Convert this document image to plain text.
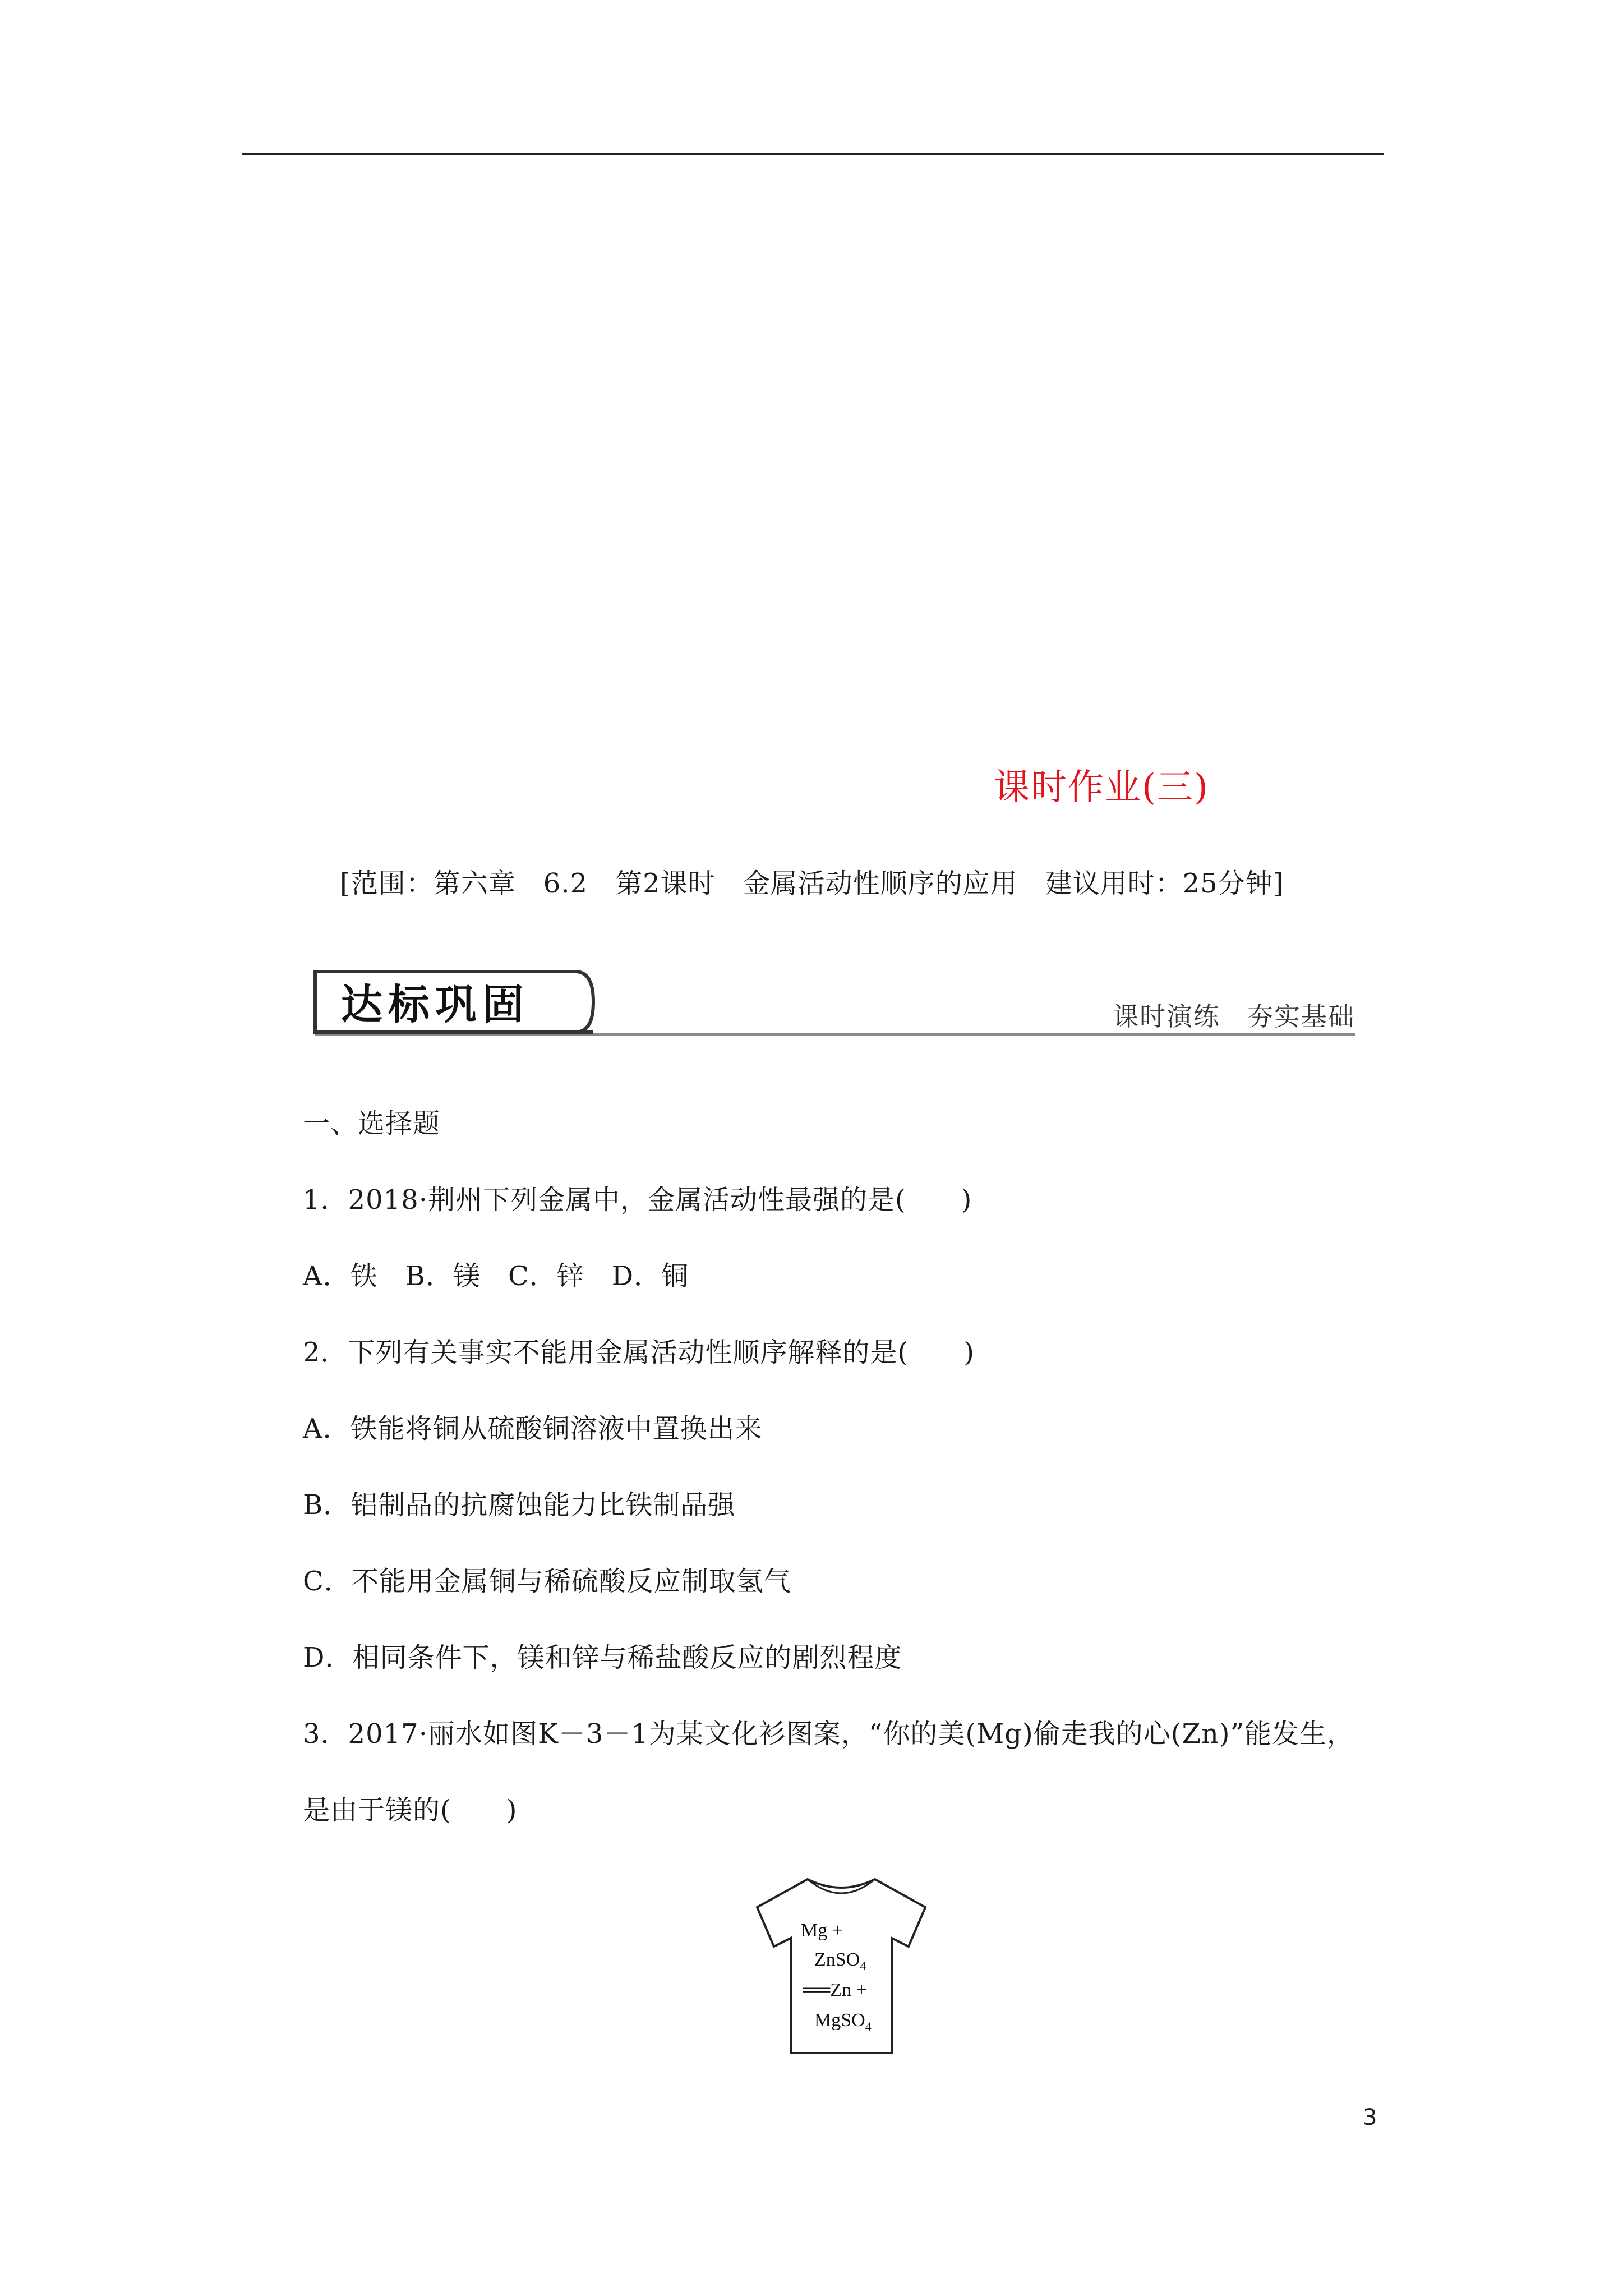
课时作业(三)
[范围：第六章　6.2　第2课时　金属活动性顺序的应用　建议用时：25分钟]
达标巩固	课时演练　夯实基础
一、选择题
1．2018·荆州下列金属中，金属活动性最强的是(　　)
A．铁　B．镁　C．锌　D．铜
2．下列有关事实不能用金属活动性顺序解释的是(　　)
A．铁能将铜从硫酸铜溶液中置换出来
B．铝制品的抗腐蚀能力比铁制品强
C．不能用金属铜与稀硫酸反应制取氢气
D．相同条件下，镁和锌与稀盐酸反应的剧烈程度
3．2017·丽水如图K－3－1为某文化衫图案，“你的美(Mg)偷走我的心(Zn)”能发生，
是由于镁的(　　)
Mg +
ZnSO$_4$
══Zn +
MgSO$_4$
3
